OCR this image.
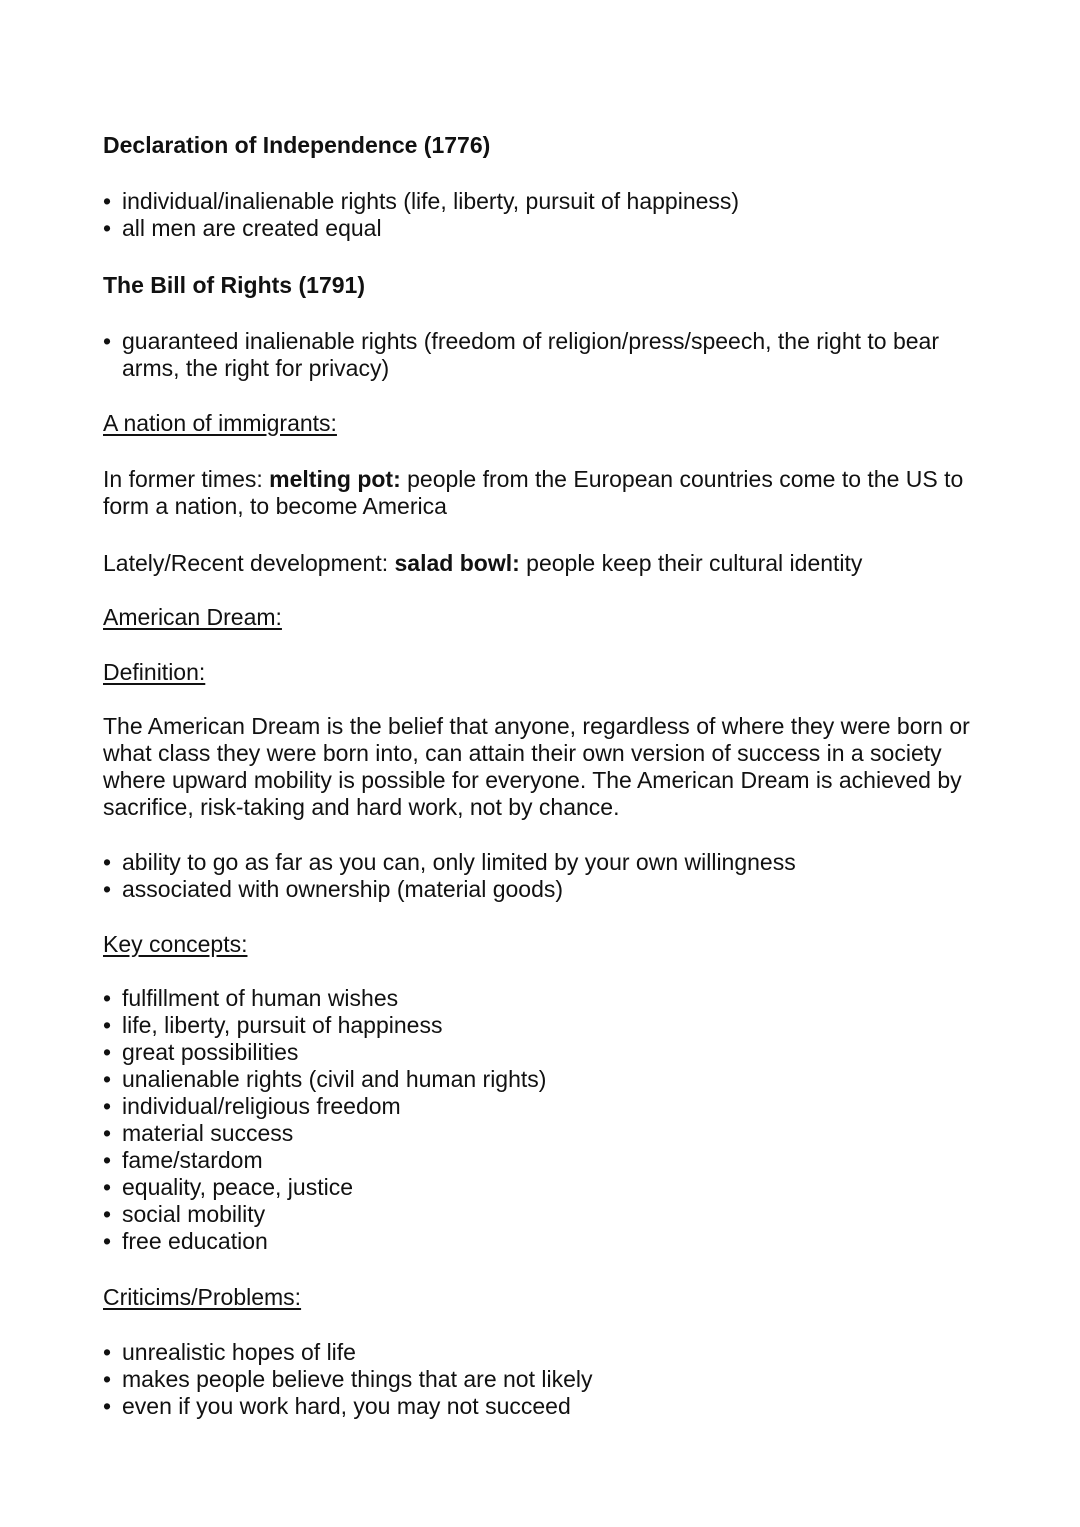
Declaration of Independence (1776)
• individual/inalienable rights (life, liberty, pursuit of happiness)
• all men are created equal
The Bill of Rights (1791)
• guaranteed inalienable rights (freedom of religion/press/speech, the right to bear arms, the right for privacy)
A nation of immigrants:

In former times: melting pot: people from the European countries come to the US to form a nation, to become America

Lately/Recent development: salad bowl: people keep their cultural identity

American Dream:
Definition:

The American Dream is the belief that anyone, regardless of where they were born or what class they were born into, can attain their own version of success in a society where upward mobility is possible for everyone. The American Dream is achieved by sacrifice, risk-taking and hard work, not by chance.

• ability to go as far as you can, only limited by your own willingness
• associated with ownership (material goods)
Key concepts:
• fulfillment of human wishes
• life, liberty, pursuit of happiness
• great possibilities
• unalienable rights (civil and human rights)
• individual/religious freedom
• material success
• fame/stardom
• equality, peace, justice
• social mobility
• free education
Criticims/Problems:
• unrealistic hopes of life
• makes people believe things that are not likely
• even if you work hard, you may not succeed
